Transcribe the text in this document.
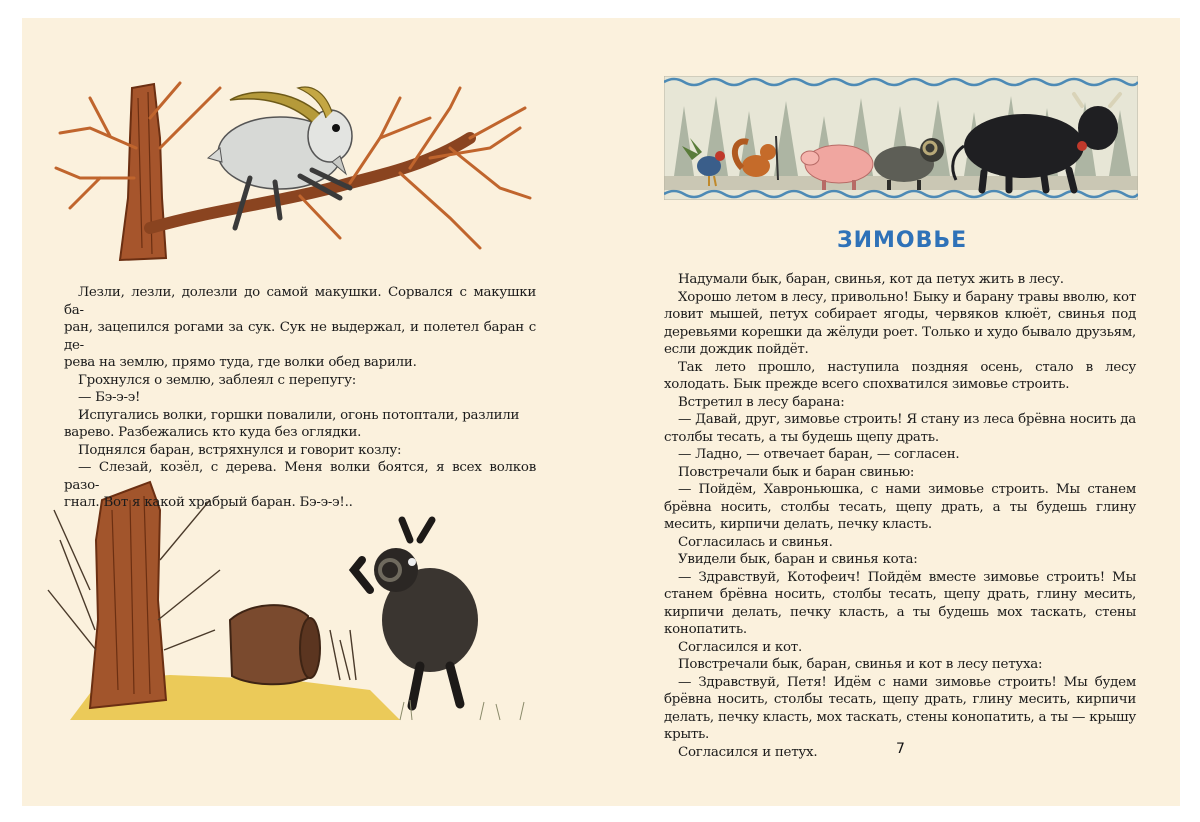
Лезли, лезли, долезли до самой макушки. Сорвался с макушки ба-

ран, зацепился рогами за сук. Сук не выдержал, и полетел баран с де-

рева на землю, прямо туда, где волки обед варили.

Грохнулся о землю, заблеял с перепугу:

— Бэ-э-э!

Испугались волки, горшки повалили, огонь потоптали, разлили

варево. Разбежались кто куда без оглядки.

Поднялся баран, встряхнулся и говорит козлу:

— Слезай, козёл, с дерева. Меня волки боятся, я всех волков разо-

гнал. Вот я какой храбрый баран. Бэ-э-э!..

ЗИМОВЬЕ

Надумали бык, баран, свинья, кот да петух жить в лесу.

Хорошо летом в лесу, привольно! Быку и барану травы вволю, кот ловит мышей, петух собирает ягоды, червяков клюёт, свинья под деревьями корешки да жёлуди роет. Только и худо бывало друзьям, если дождик пойдёт.

Так лето прошло, наступила поздняя осень, стало в лесу холодать. Бык прежде всего спохватился зимовье строить.

Встретил в лесу барана:

— Давай, друг, зимовье строить! Я стану из леса брёвна носить да столбы тесать, а ты будешь щепу драть.

— Ладно, — отвечает баран, — согласен.

Повстречали бык и баран свинью:

— Пойдём, Хавроньюшка, с нами зимовье строить. Мы станем брёвна носить, столбы тесать, щепу драть, а ты будешь глину месить, кирпичи делать, печку класть.

Согласилась и свинья.

Увидели бык, баран и свинья кота:

— Здравствуй, Котофеич! Пойдём вместе зимовье строить! Мы станем брёвна носить, столбы тесать, щепу драть, глину месить, кирпичи делать, печку класть, а ты будешь мох таскать, стены конопатить.

Согласился и кот.

Повстречали бык, баран, свинья и кот в лесу петуха:

— Здравствуй, Петя! Идём с нами зимовье строить! Мы будем брёвна носить, столбы тесать, щепу драть, глину месить, кирпичи делать, печку класть, мох таскать, стены конопатить, а ты — крышу крыть.

Согласился и петух.	7
